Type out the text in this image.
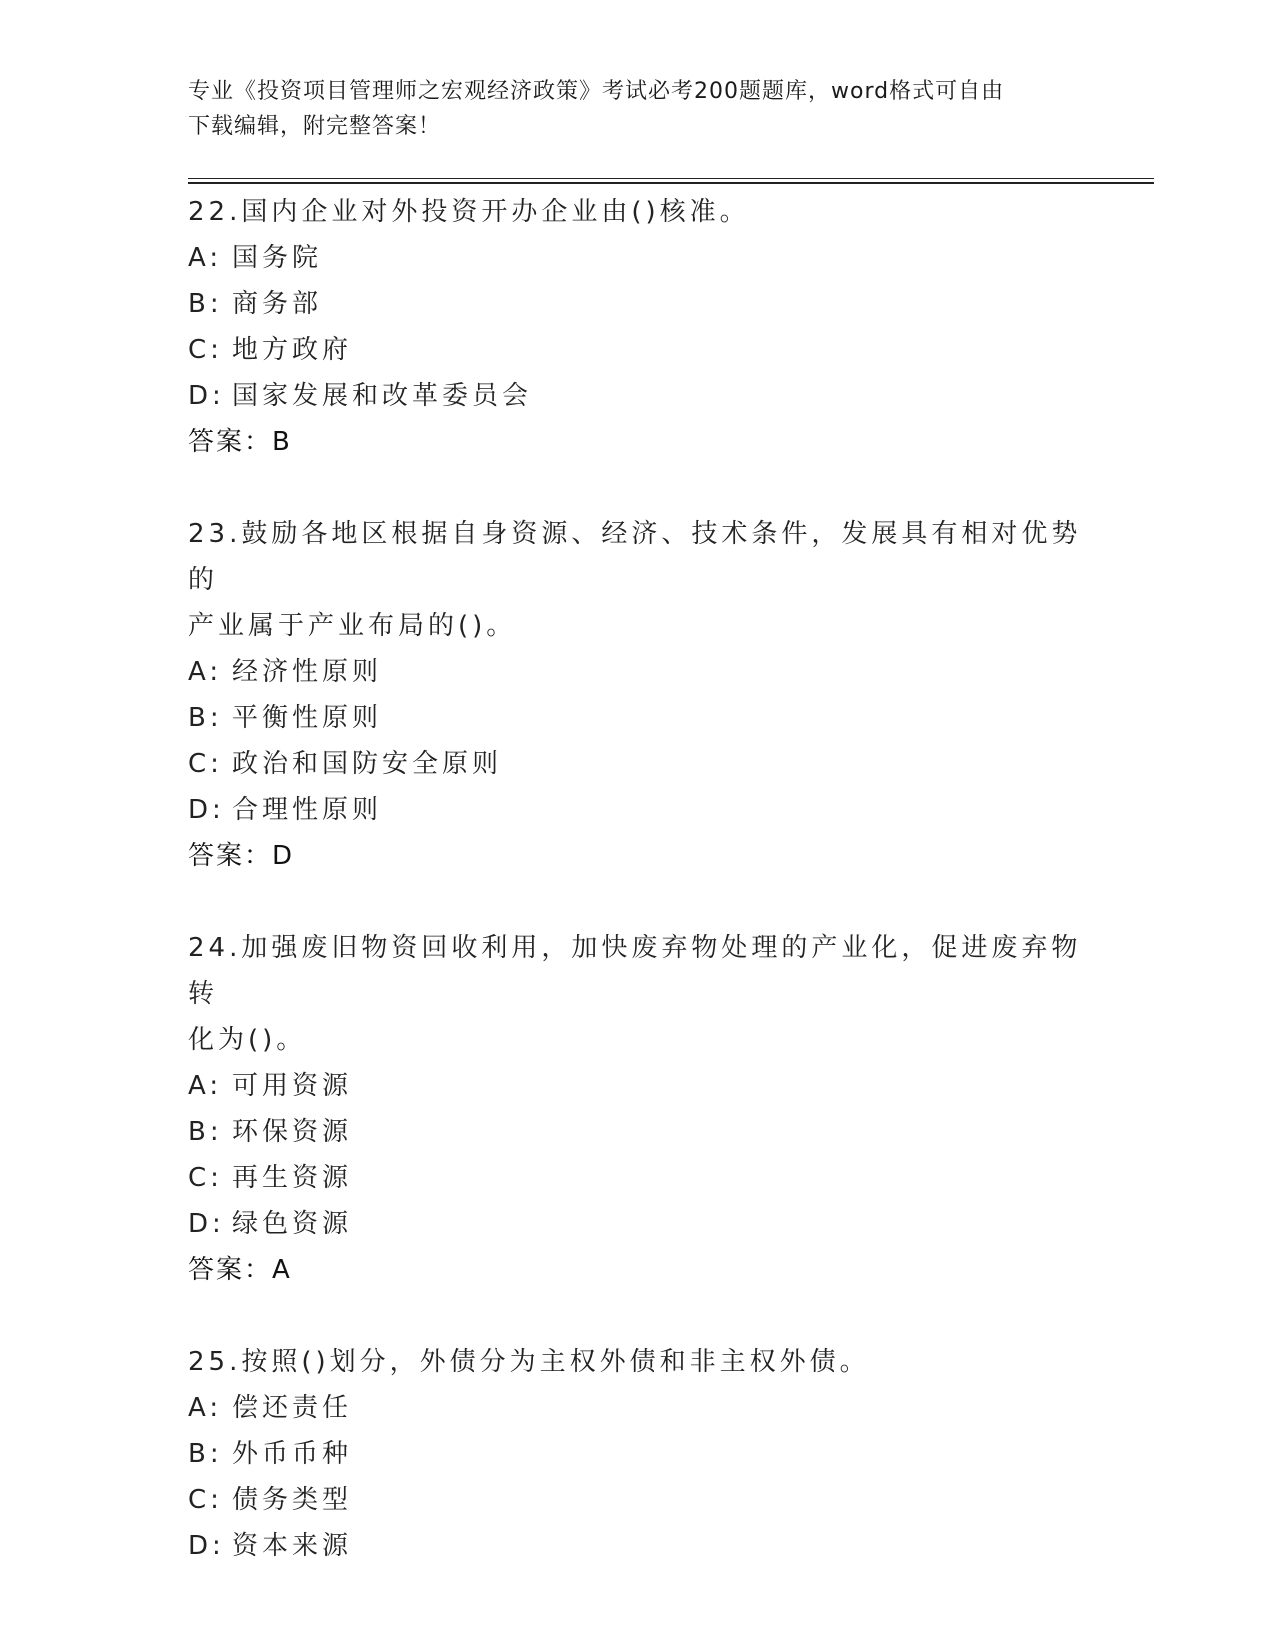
专业《投资项目管理师之宏观经济政策》考试必考200题题库，word格式可自由
下载编辑，附完整答案！
22.国内企业对外投资开办企业由()核准。
A: 国务院
B: 商务部
C: 地方政府
D: 国家发展和改革委员会
答案：B
23.鼓励各地区根据自身资源、经济、技术条件，发展具有相对优势的
产业属于产业布局的()。
A: 经济性原则
B: 平衡性原则
C: 政治和国防安全原则
D: 合理性原则
答案：D
24.加强废旧物资回收利用，加快废弃物处理的产业化，促进废弃物转
化为()。
A: 可用资源
B: 环保资源
C: 再生资源
D: 绿色资源
答案：A
25.按照()划分，外债分为主权外债和非主权外债。
A: 偿还责任
B: 外币币种
C: 债务类型
D: 资本来源
